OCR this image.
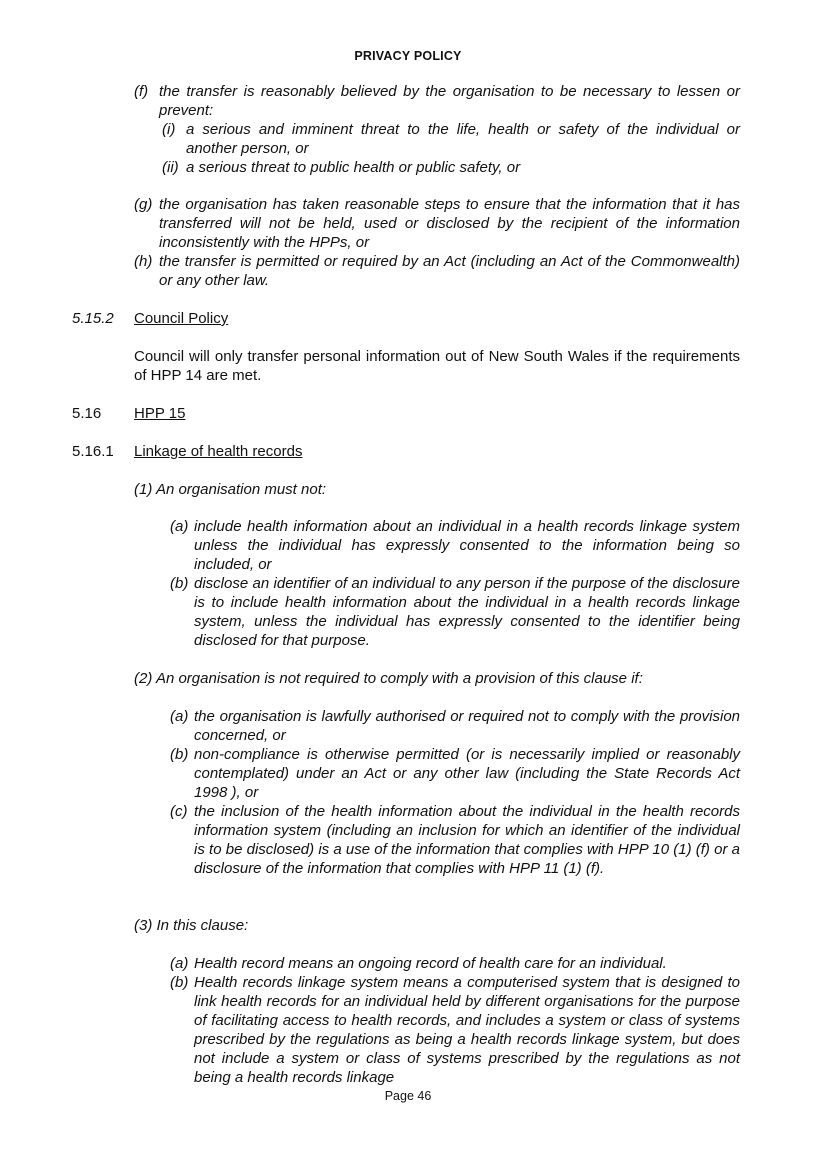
PRIVACY POLICY
(f) the transfer is reasonably believed by the organisation to be necessary to lessen or prevent:
(i) a serious and imminent threat to the life, health or safety of the individual or another person, or
(ii) a serious threat to public health or public safety, or
(g) the organisation has taken reasonable steps to ensure that the information that it has transferred will not be held, used or disclosed by the recipient of the information inconsistently with the HPPs, or
(h) the transfer is permitted or required by an Act (including an Act of the Commonwealth) or any other law.
5.15.2 Council Policy
Council will only transfer personal information out of New South Wales if the requirements of HPP 14 are met.
5.16 HPP 15
5.16.1 Linkage of health records
(1) An organisation must not:
(a) include health information about an individual in a health records linkage system unless the individual has expressly consented to the information being so included, or
(b) disclose an identifier of an individual to any person if the purpose of the disclosure is to include health information about the individual in a health records linkage system, unless the individual has expressly consented to the identifier being disclosed for that purpose.
(2) An organisation is not required to comply with a provision of this clause if:
(a) the organisation is lawfully authorised or required not to comply with the provision concerned, or
(b) non-compliance is otherwise permitted (or is necessarily implied or reasonably contemplated) under an Act or any other law (including the State Records Act 1998 ), or
(c) the inclusion of the health information about the individual in the health records information system (including an inclusion for which an identifier of the individual is to be disclosed) is a use of the information that complies with HPP 10 (1) (f) or a disclosure of the information that complies with HPP 11 (1) (f).
(3) In this clause:
(a) Health record means an ongoing record of health care for an individual.
(b) Health records linkage system means a computerised system that is designed to link health records for an individual held by different organisations for the purpose of facilitating access to health records, and includes a system or class of systems prescribed by the regulations as being a health records linkage system, but does not include a system or class of systems prescribed by the regulations as not being a health records linkage
Page 46
